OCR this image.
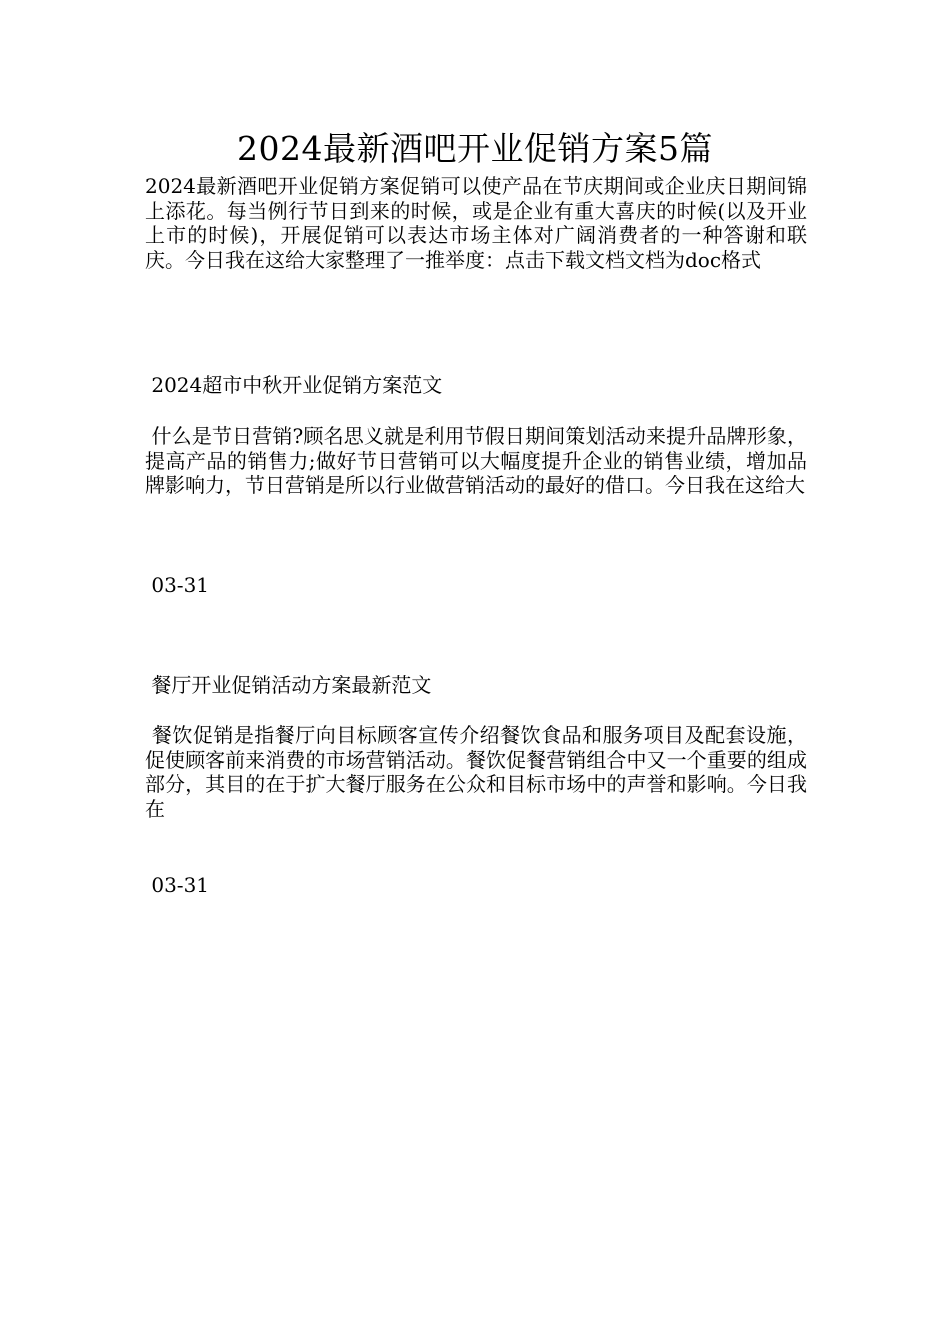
2024最新酒吧开业促销方案5篇

2024最新酒吧开业促销方案促销可以使产品在节庆期间或企业庆日期间锦上添花。每当例行节日到来的时候，或是企业有重大喜庆的时候(以及开业上市的时候)，开展促销可以表达市场主体对广阔消费者的一种答谢和联庆。今日我在这给大家整理了一推举度：点击下载文档文档为doc格式

2024超市中秋开业促销方案范文

什么是节日营销?顾名思义就是利用节假日期间策划活动来提升品牌形象，提高产品的销售力;做好节日营销可以大幅度提升企业的销售业绩，增加品牌影响力，节日营销是所以行业做营销活动的最好的借口。今日我在这给大

03-31

餐厅开业促销活动方案最新范文

餐饮促销是指餐厅向目标顾客宣传介绍餐饮食品和服务项目及配套设施，促使顾客前来消费的市场营销活动。餐饮促餐营销组合中又一个重要的组成部分，其目的在于扩大餐厅服务在公众和目标市场中的声誉和影响。今日我在

03-31
